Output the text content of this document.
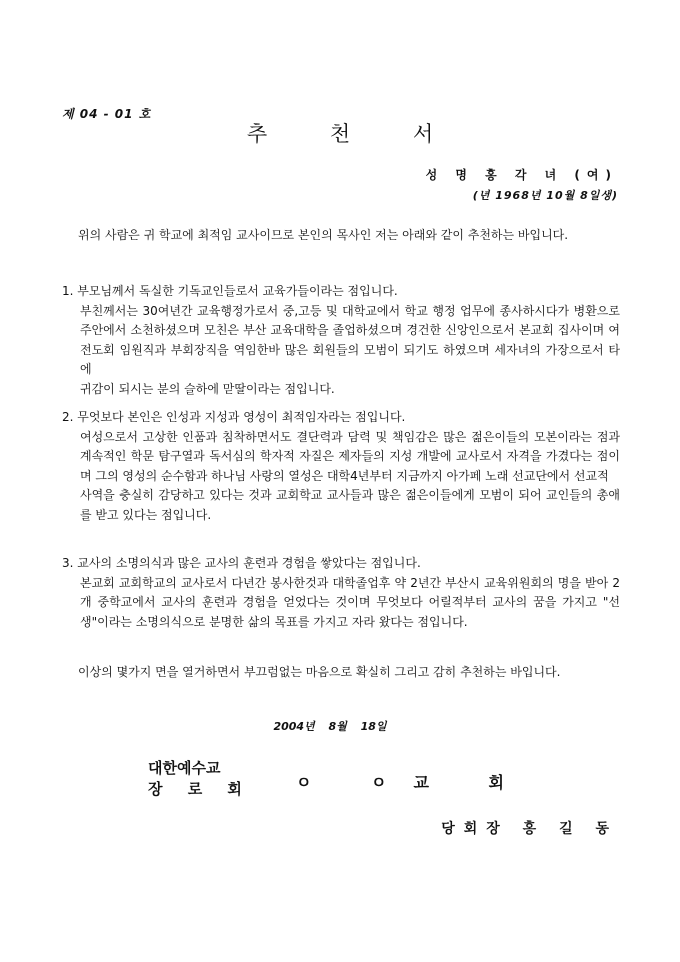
제 04 - 01 호
추 천 서
성 명 홍 각 녀 (여)
(년 1968년 10월 8일생)
위의 사람은 귀 학교에 최적임 교사이므로 본인의 목사인 저는 아래와 같이 추천하는 바입니다.
1. 부모님께서 독실한 기독교인들로서 교육가들이라는 점입니다.

부친께서는 30여년간 교육행정가로서 중,고등 및 대학교에서 학교 행정 업무에 종사하시다가 병환으로 주안에서 소천하셨으며 모친은 부산 교육대학을 졸업하셨으며 경건한 신앙인으로서 본교회 집사이며 여전도회 임원직과 부회장직을 역임한바 많은 회원들의 모범이 되기도 하였으며 세자녀의 가장으로서 타에

귀감이 되시는 분의 슬하에 맏딸이라는 점입니다.

2. 무엇보다 본인은 인성과 지성과 영성이 최적임자라는 점입니다.

여성으로서 고상한 인품과 침착하면서도 결단력과 담력 및 책임감은 많은 젊은이들의 모본이라는 점과 계속적인 학문 탐구열과 독서심의 학자적 자질은 제자들의 지성 개발에 교사로서 자격을 가겼다는 점이며 그의 영성의 순수함과 하나님 사랑의 열성은 대학4년부터 지금까지 아가페 노래 선교단에서 선교적

사역을 충실히 감당하고 있다는 것과 교회학교 교사들과 많은 젊은이들에게 모범이 되어 교인들의 총애를 받고 있다는 점입니다.

3. 교사의 소명의식과 많은 교사의 훈련과 경험을 쌓았다는 점입니다.

본교회 교회학교의 교사로서 다년간 봉사한것과 대학졸업후 약 2년간 부산시 교육위원회의 명을 받아 2개 중학교에서 교사의 훈련과 경험을 얻었다는 것이며 무엇보다 어릴적부터 교사의 꿈을 가지고 "선생"이라는 소명의식으로 분명한 삶의 목표를 가지고 자라 왔다는 점입니다.

이상의 몇가지 면을 열거하면서 부끄럼없는 마음으로 확실히 그리고 감히 추천하는 바입니다.
2004년 8월 18일
대한예수교
장 로 회	ㅇ ㅇ교 회
당회장 홍 길 동
